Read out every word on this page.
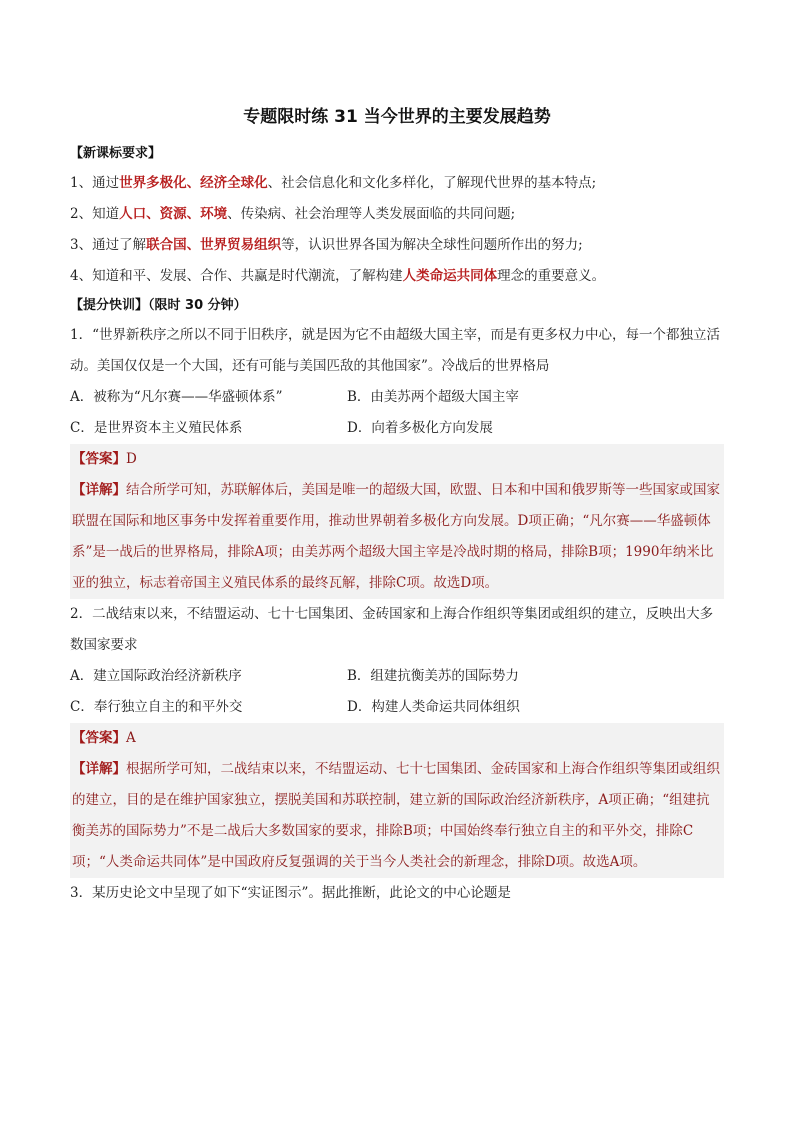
专题限时练 31 当今世界的主要发展趋势
【新课标要求】
1、通过世界多极化、经济全球化、社会信息化和文化多样化，了解现代世界的基本特点;
2、知道人口、资源、环境、传染病、社会治理等人类发展面临的共同问题;
3、通过了解联合国、世界贸易组织等，认识世界各国为解决全球性问题所作出的努力;
4、知道和平、发展、合作、共赢是时代潮流，了解构建人类命运共同体理念的重要意义。
【提分快训】（限时 30 分钟）
1．“世界新秩序之所以不同于旧秩序，就是因为它不由超级大国主宰，而是有更多权力中心，每一个都独立活动。美国仅仅是一个大国，还有可能与美国匹敌的其他国家”。冷战后的世界格局
A．被称为“凡尔赛——华盛顿体系”	B．由美苏两个超级大国主宰
C．是世界资本主义殖民体系	D．向着多极化方向发展
【答案】D
【详解】结合所学可知，苏联解体后，美国是唯一的超级大国，欧盟、日本和中国和俄罗斯等一些国家或国家联盟在国际和地区事务中发挥着重要作用，推动世界朝着多极化方向发展。D项正确；“凡尔赛——华盛顿体系”是一战后的世界格局，排除A项；由美苏两个超级大国主宰是冷战时期的格局，排除B项；1990年纳米比亚的独立，标志着帝国主义殖民体系的最终瓦解，排除C项。故选D项。
2．二战结束以来，不结盟运动、七十七国集团、金砖国家和上海合作组织等集团或组织的建立，反映出大多数国家要求
A．建立国际政治经济新秩序	B．组建抗衡美苏的国际势力
C．奉行独立自主的和平外交	D．构建人类命运共同体组织
【答案】A
【详解】根据所学可知，二战结束以来，不结盟运动、七十七国集团、金砖国家和上海合作组织等集团或组织的建立，目的是在维护国家独立，摆脱美国和苏联控制，建立新的国际政治经济新秩序，A项正确；“组建抗衡美苏的国际势力”不是二战后大多数国家的要求，排除B项；中国始终奉行独立自主的和平外交，排除C项；“人类命运共同体”是中国政府反复强调的关于当今人类社会的新理念，排除D项。故选A项。
3．某历史论文中呈现了如下“实证图示”。据此推断，此论文的中心论题是
